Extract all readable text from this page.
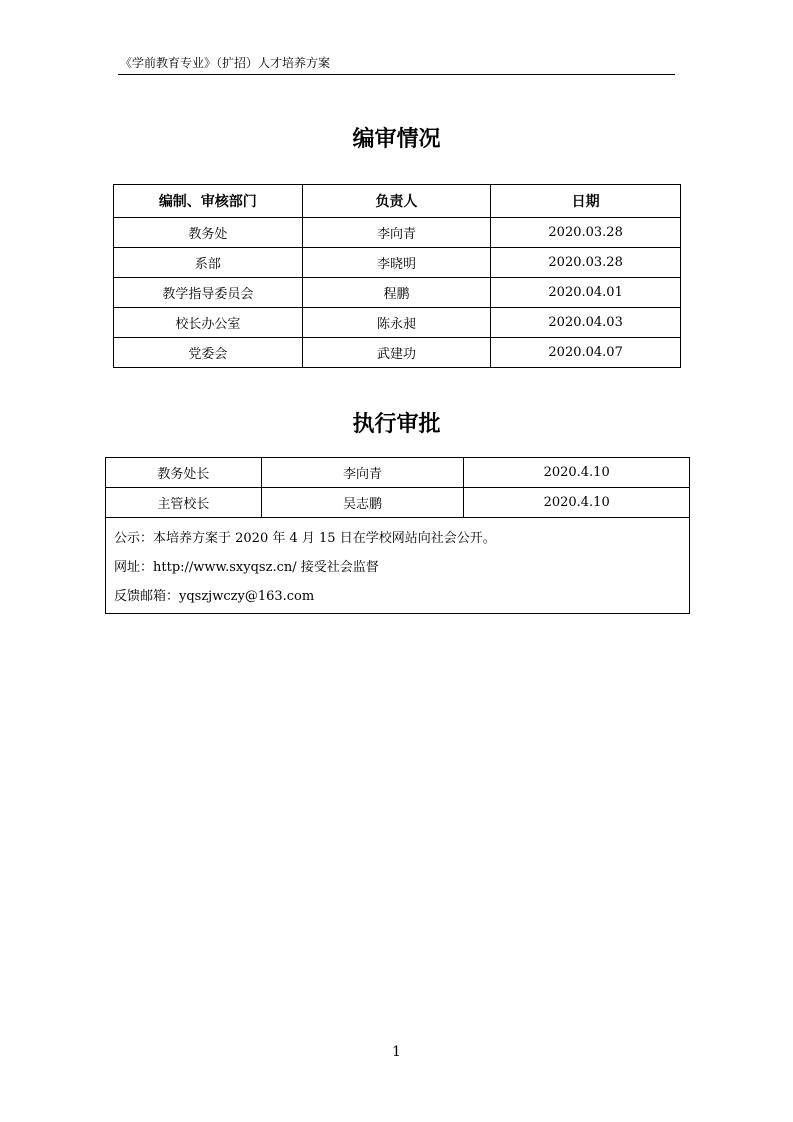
《学前教育专业》（扩招）人才培养方案
编审情况
编制、审核部门	负责人	日期
教务处	李向青	2020.03.28
系部	李晓明	2020.03.28
教学指导委员会	程鹏	2020.04.01
校长办公室	陈永昶	2020.04.03
党委会	武建功	2020.04.07
执行审批
教务处长	李向青	2020.4.10
主管校长	吴志鹏	2020.4.10

公示：本培养方案于 2020 年 4 月 15 日在学校网站向社会公开。
网址：http://www.sxyqsz.cn/ 接受社会监督
反馈邮箱：yqszjwczy@163.com		
1
